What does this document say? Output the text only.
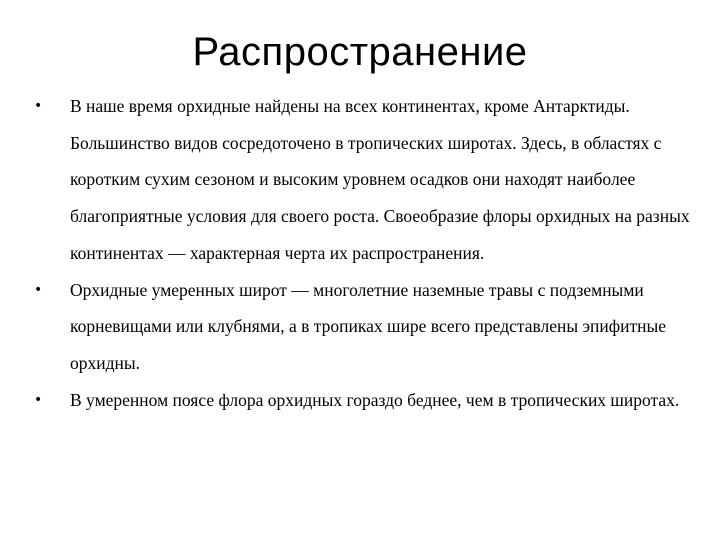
Распространение
• В наше время орхидные найдены на всех континентах, кроме Антарктиды. Большинство видов сосредоточено в тропических широтах. Здесь, в областях с коротким сухим сезоном и высоким уровнем осадков они находят наиболее благоприятные условия для своего роста. Своеобразие флоры орхидных на разных континентах — характерная черта их распространения.
• Орхидные умеренных широт — многолетние наземные травы с подземными корневищами или клубнями, а в тропиках шире всего представлены эпифитные орхидны.
• В умеренном поясе флора орхидных гораздо беднее, чем в тропических широтах.
